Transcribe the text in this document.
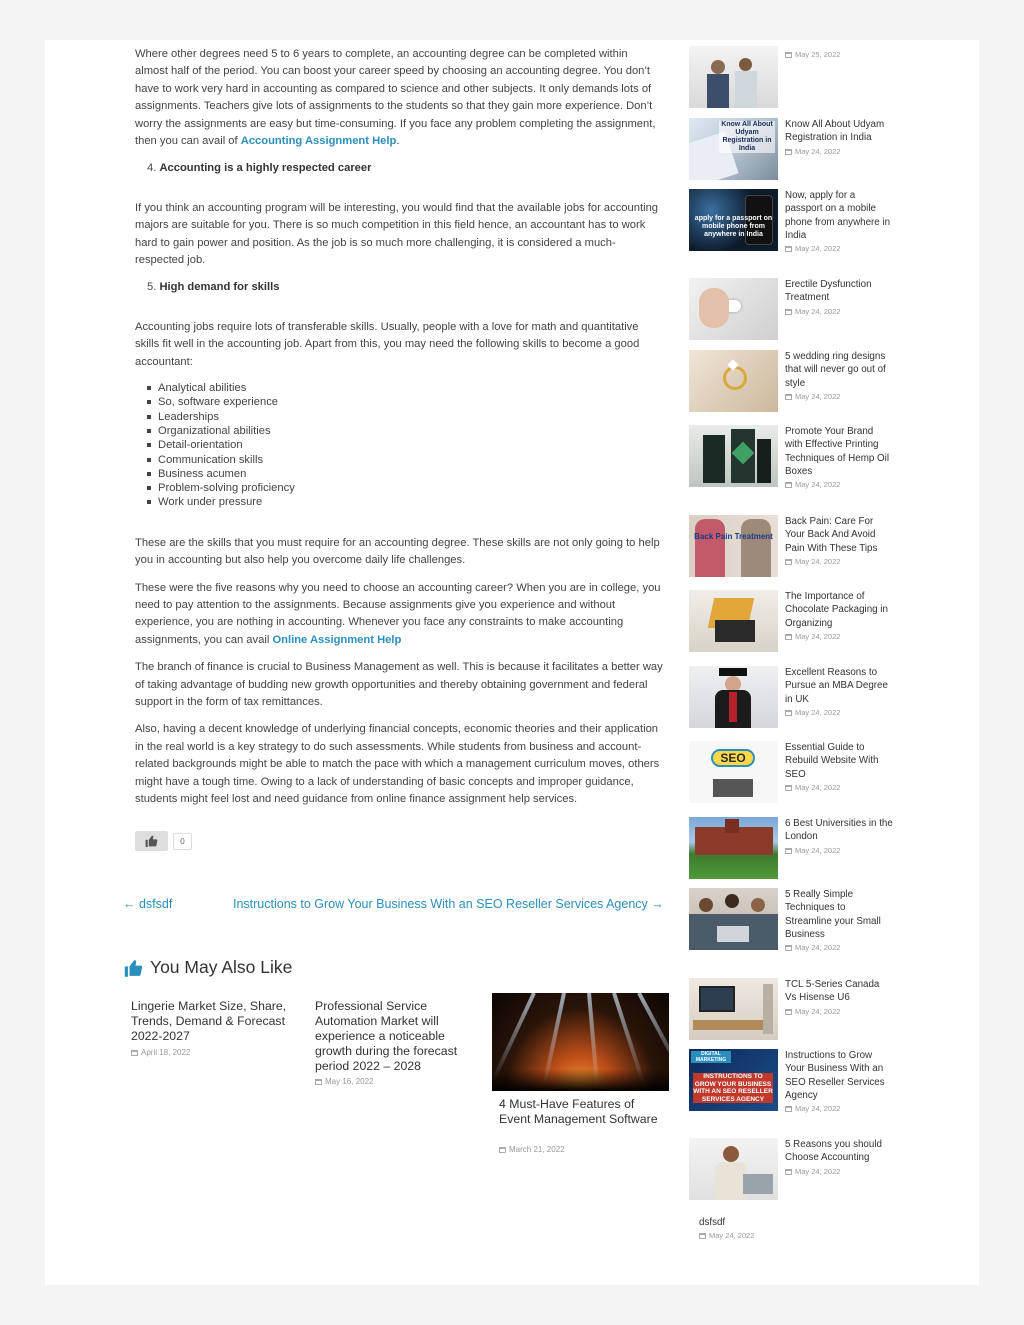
Where other degrees need 5 to 6 years to complete, an accounting degree can be completed within almost half of the period. You can boost your career speed by choosing an accounting degree. You don’t have to work very hard in accounting as compared to science and other subjects. It only demands lots of assignments. Teachers give lots of assignments to the students so that they gain more experience. Don’t worry the assignments are easy but time-consuming. If you face any problem completing the assignment, then you can avail of Accounting Assignment Help.

4. Accounting is a highly respected career

If you think an accounting program will be interesting, you would find that the available jobs for accounting majors are suitable for you. There is so much competition in this field hence, an accountant has to work hard to gain power and position. As the job is so much more challenging, it is considered a much-respected job.

5. High demand for skills

Accounting jobs require lots of transferable skills. Usually, people with a love for math and quantitative skills fit well in the accounting job. Apart from this, you may need the following skills to become a good accountant:

Analytical abilities
So, software experience
Leaderships
Organizational abilities
Detail-orientation
Communication skills
Business acumen
Problem-solving proficiency
Work under pressure

These are the skills that you must require for an accounting degree. These skills are not only going to help you in accounting but also help you overcome daily life challenges.

These were the five reasons why you need to choose an accounting career? When you are in college, you need to pay attention to the assignments. Because assignments give you experience and without experience, you are nothing in accounting. Whenever you face any constraints to make accounting assignments, you can avail Online Assignment Help

The branch of finance is crucial to Business Management as well. This is because it facilitates a better way of taking advantage of budding new growth opportunities and thereby obtaining government and federal support in the form of tax remittances.

Also, having a decent knowledge of underlying financial concepts, economic theories and their application in the real world is a key strategy to do such assessments. While students from business and account-related backgrounds might be able to match the pace with which a management curriculum moves, others might have a tough time. Owing to a lack of understanding of basic concepts and improper guidance, students might feel lost and need guidance from online finance assignment help services.

0
← dsfsdf	Instructions to Grow Your Business With an SEO Reseller Services Agency →
You May Also Like
Lingerie Market Size, Share, Trends, Demand & Forecast 2022-2027
April 18, 2022
Professional Service Automation Market will experience a noticeable growth during the forecast period 2022 – 2028
May 16, 2022
4 Must-Have Features of Event Management Software
March 21, 2022
May 25, 2022
Know All About Udyam Registration in India
Know All About Udyam Registration in India
May 24, 2022
apply for a passport on mobile phone from anywhere in India
Now, apply for a passport on a mobile phone from anywhere in India
May 24, 2022
Erectile Dysfunction Treatment
May 24, 2022
5 wedding ring designs that will never go out of style
May 24, 2022
Promote Your Brand with Effective Printing Techniques of Hemp Oil Boxes
May 24, 2022
Back Pain Treatment
Back Pain: Care For Your Back And Avoid Pain With These Tips
May 24, 2022
The Importance of Chocolate Packaging in Organizing
May 24, 2022
Excellent Reasons to Pursue an MBA Degree in UK
May 24, 2022
SEO
Essential Guide to Rebuild Website With SEO
May 24, 2022
6 Best Universities in the London
May 24, 2022
5 Really Simple Techniques to Streamline your Small Business
May 24, 2022
TCL 5-Series Canada Vs Hisense U6
May 24, 2022
DIGITAL MARKETING
INSTRUCTIONS TO GROW YOUR BUSINESS WITH AN SEO RESELLER SERVICES AGENCY
Instructions to Grow Your Business With an SEO Reseller Services Agency
May 24, 2022
5 Reasons you should Choose Accounting
May 24, 2022
dsfsdf
May 24, 2022
